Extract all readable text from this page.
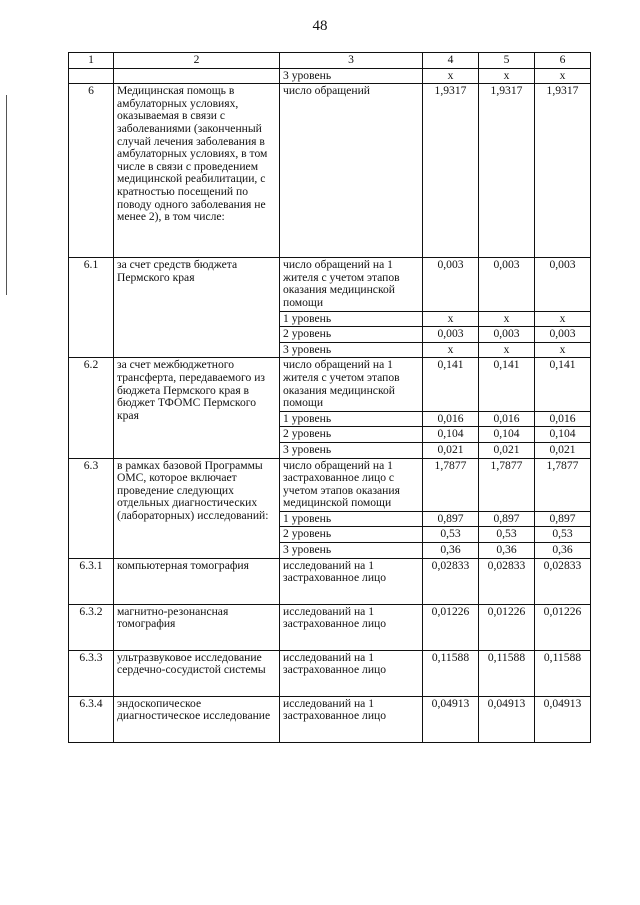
48
1	2	3	4	5	6
		3 уровень	x	x	x
6	Медицинская помощь в амбулаторных условиях, оказываемая в связи с заболеваниями (законченный случай лечения заболевания в амбулаторных условиях, в том числе в связи с проведением медицинской реабилитации, с кратностью посещений по поводу одного заболевания не менее 2), в том числе:	число обращений	1,9317	1,9317	1,9317
6.1	за счет средств бюджета Пермского края	число обращений на 1 жителя с учетом этапов оказания медицинской помощи	0,003	0,003	0,003
		1 уровень	x	x	x
		2 уровень	0,003	0,003	0,003
		3 уровень	x	x	x
6.2	за счет межбюджетного трансферта, передаваемого из бюджета Пермского края в бюджет ТФОМС Пермского края	число обращений на 1 жителя с учетом этапов оказания медицинской помощи	0,141	0,141	0,141
		1 уровень	0,016	0,016	0,016
		2 уровень	0,104	0,104	0,104
		3 уровень	0,021	0,021	0,021
6.3	в рамках базовой Программы ОМС, которое включает проведение следующих отдельных диагностических (лабораторных) исследований:	число обращений на 1 застрахованное лицо с учетом этапов оказания медицинской помощи	1,7877	1,7877	1,7877
		1 уровень	0,897	0,897	0,897
		2 уровень	0,53	0,53	0,53
		3 уровень	0,36	0,36	0,36
6.3.1	компьютерная томография	исследований на 1 застрахованное лицо	0,02833	0,02833	0,02833
6.3.2	магнитно-резонансная томография	исследований на 1 застрахованное лицо	0,01226	0,01226	0,01226
6.3.3	ультразвуковое исследование сердечно-сосудистой системы	исследований на 1 застрахованное лицо	0,11588	0,11588	0,11588
6.3.4	эндоскопическое диагностическое исследование	исследований на 1 застрахованное лицо	0,04913	0,04913	0,04913
